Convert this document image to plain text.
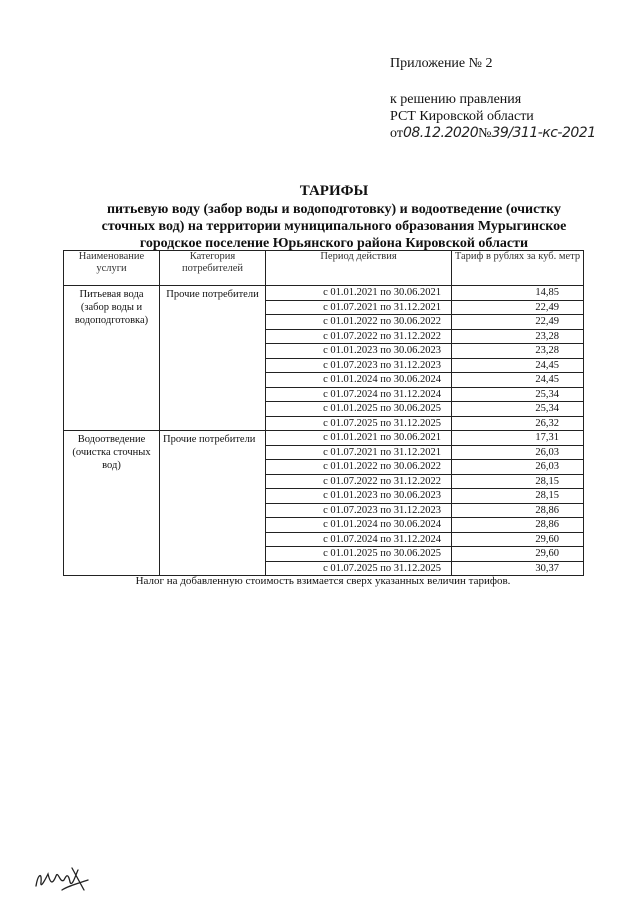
Приложение № 2
к решению правления
РСТ Кировской области
от08.12.2020№39/311-кс-2021
ТАРИФЫ
питьевую воду (забор воды и водоподготовку) и водоотведение (очистку
сточных вод) на территории муниципального образования Мурыгинское
городское поселение Юрьянского района Кировской области
Наименование услуги	Категория потребителей	Период действия	Тариф в рублях за куб. метр
Питьевая вода (забор воды и водоподготовка)	Прочие потребители	с 01.01.2021 по 30.06.2021	14,85
		с 01.07.2021 по 31.12.2021	22,49
		с 01.01.2022 по 30.06.2022	22,49
		с 01.07.2022 по 31.12.2022	23,28
		с 01.01.2023 по 30.06.2023	23,28
		с 01.07.2023 по 31.12.2023	24,45
		с 01.01.2024 по 30.06.2024	24,45
		с 01.07.2024 по 31.12.2024	25,34
		с 01.01.2025 по 30.06.2025	25,34
		с 01.07.2025 по 31.12.2025	26,32
Водоотведение (очистка сточных вод)	Прочие потребители	с 01.01.2021 по 30.06.2021	17,31
		с 01.07.2021 по 31.12.2021	26,03
		с 01.01.2022 по 30.06.2022	26,03
		с 01.07.2022 по 31.12.2022	28,15
		с 01.01.2023 по 30.06.2023	28,15
		с 01.07.2023 по 31.12.2023	28,86
		с 01.01.2024 по 30.06.2024	28,86
		с 01.07.2024 по 31.12.2024	29,60
		с 01.01.2025 по 30.06.2025	29,60
		с 01.07.2025 по 31.12.2025	30,37
Налог на добавленную стоимость взимается сверх указанных величин тарифов.
